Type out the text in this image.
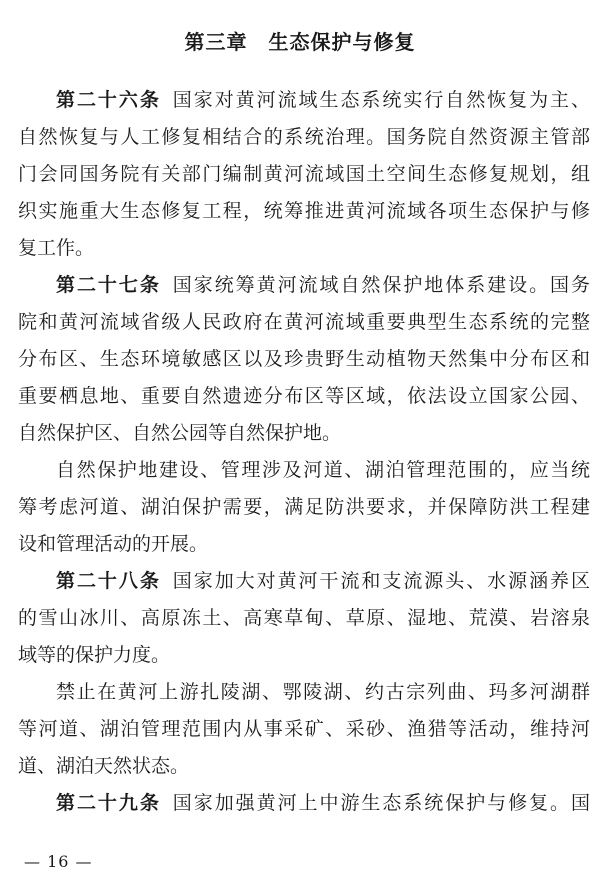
第三章　生态保护与修复
第二十六条 国家对黄河流域生态系统实行自然恢复为主、
自然恢复与人工修复相结合的系统治理。国务院自然资源主管部
门会同国务院有关部门编制黄河流域国土空间生态修复规划，组
织实施重大生态修复工程，统筹推进黄河流域各项生态保护与修
复工作。
第二十七条 国家统筹黄河流域自然保护地体系建设。国务
院和黄河流域省级人民政府在黄河流域重要典型生态系统的完整
分布区、生态环境敏感区以及珍贵野生动植物天然集中分布区和
重要栖息地、重要自然遗迹分布区等区域，依法设立国家公园、
自然保护区、自然公园等自然保护地。
自然保护地建设、管理涉及河道、湖泊管理范围的，应当统
筹考虑河道、湖泊保护需要，满足防洪要求，并保障防洪工程建
设和管理活动的开展。
第二十八条 国家加大对黄河干流和支流源头、水源涵养区
的雪山冰川、高原冻土、高寒草甸、草原、湿地、荒漠、岩溶泉
域等的保护力度。
禁止在黄河上游扎陵湖、鄂陵湖、约古宗列曲、玛多河湖群
等河道、湖泊管理范围内从事采矿、采砂、渔猎等活动，维持河
道、湖泊天然状态。
第二十九条 国家加强黄河上中游生态系统保护与修复。国
— 16 —
